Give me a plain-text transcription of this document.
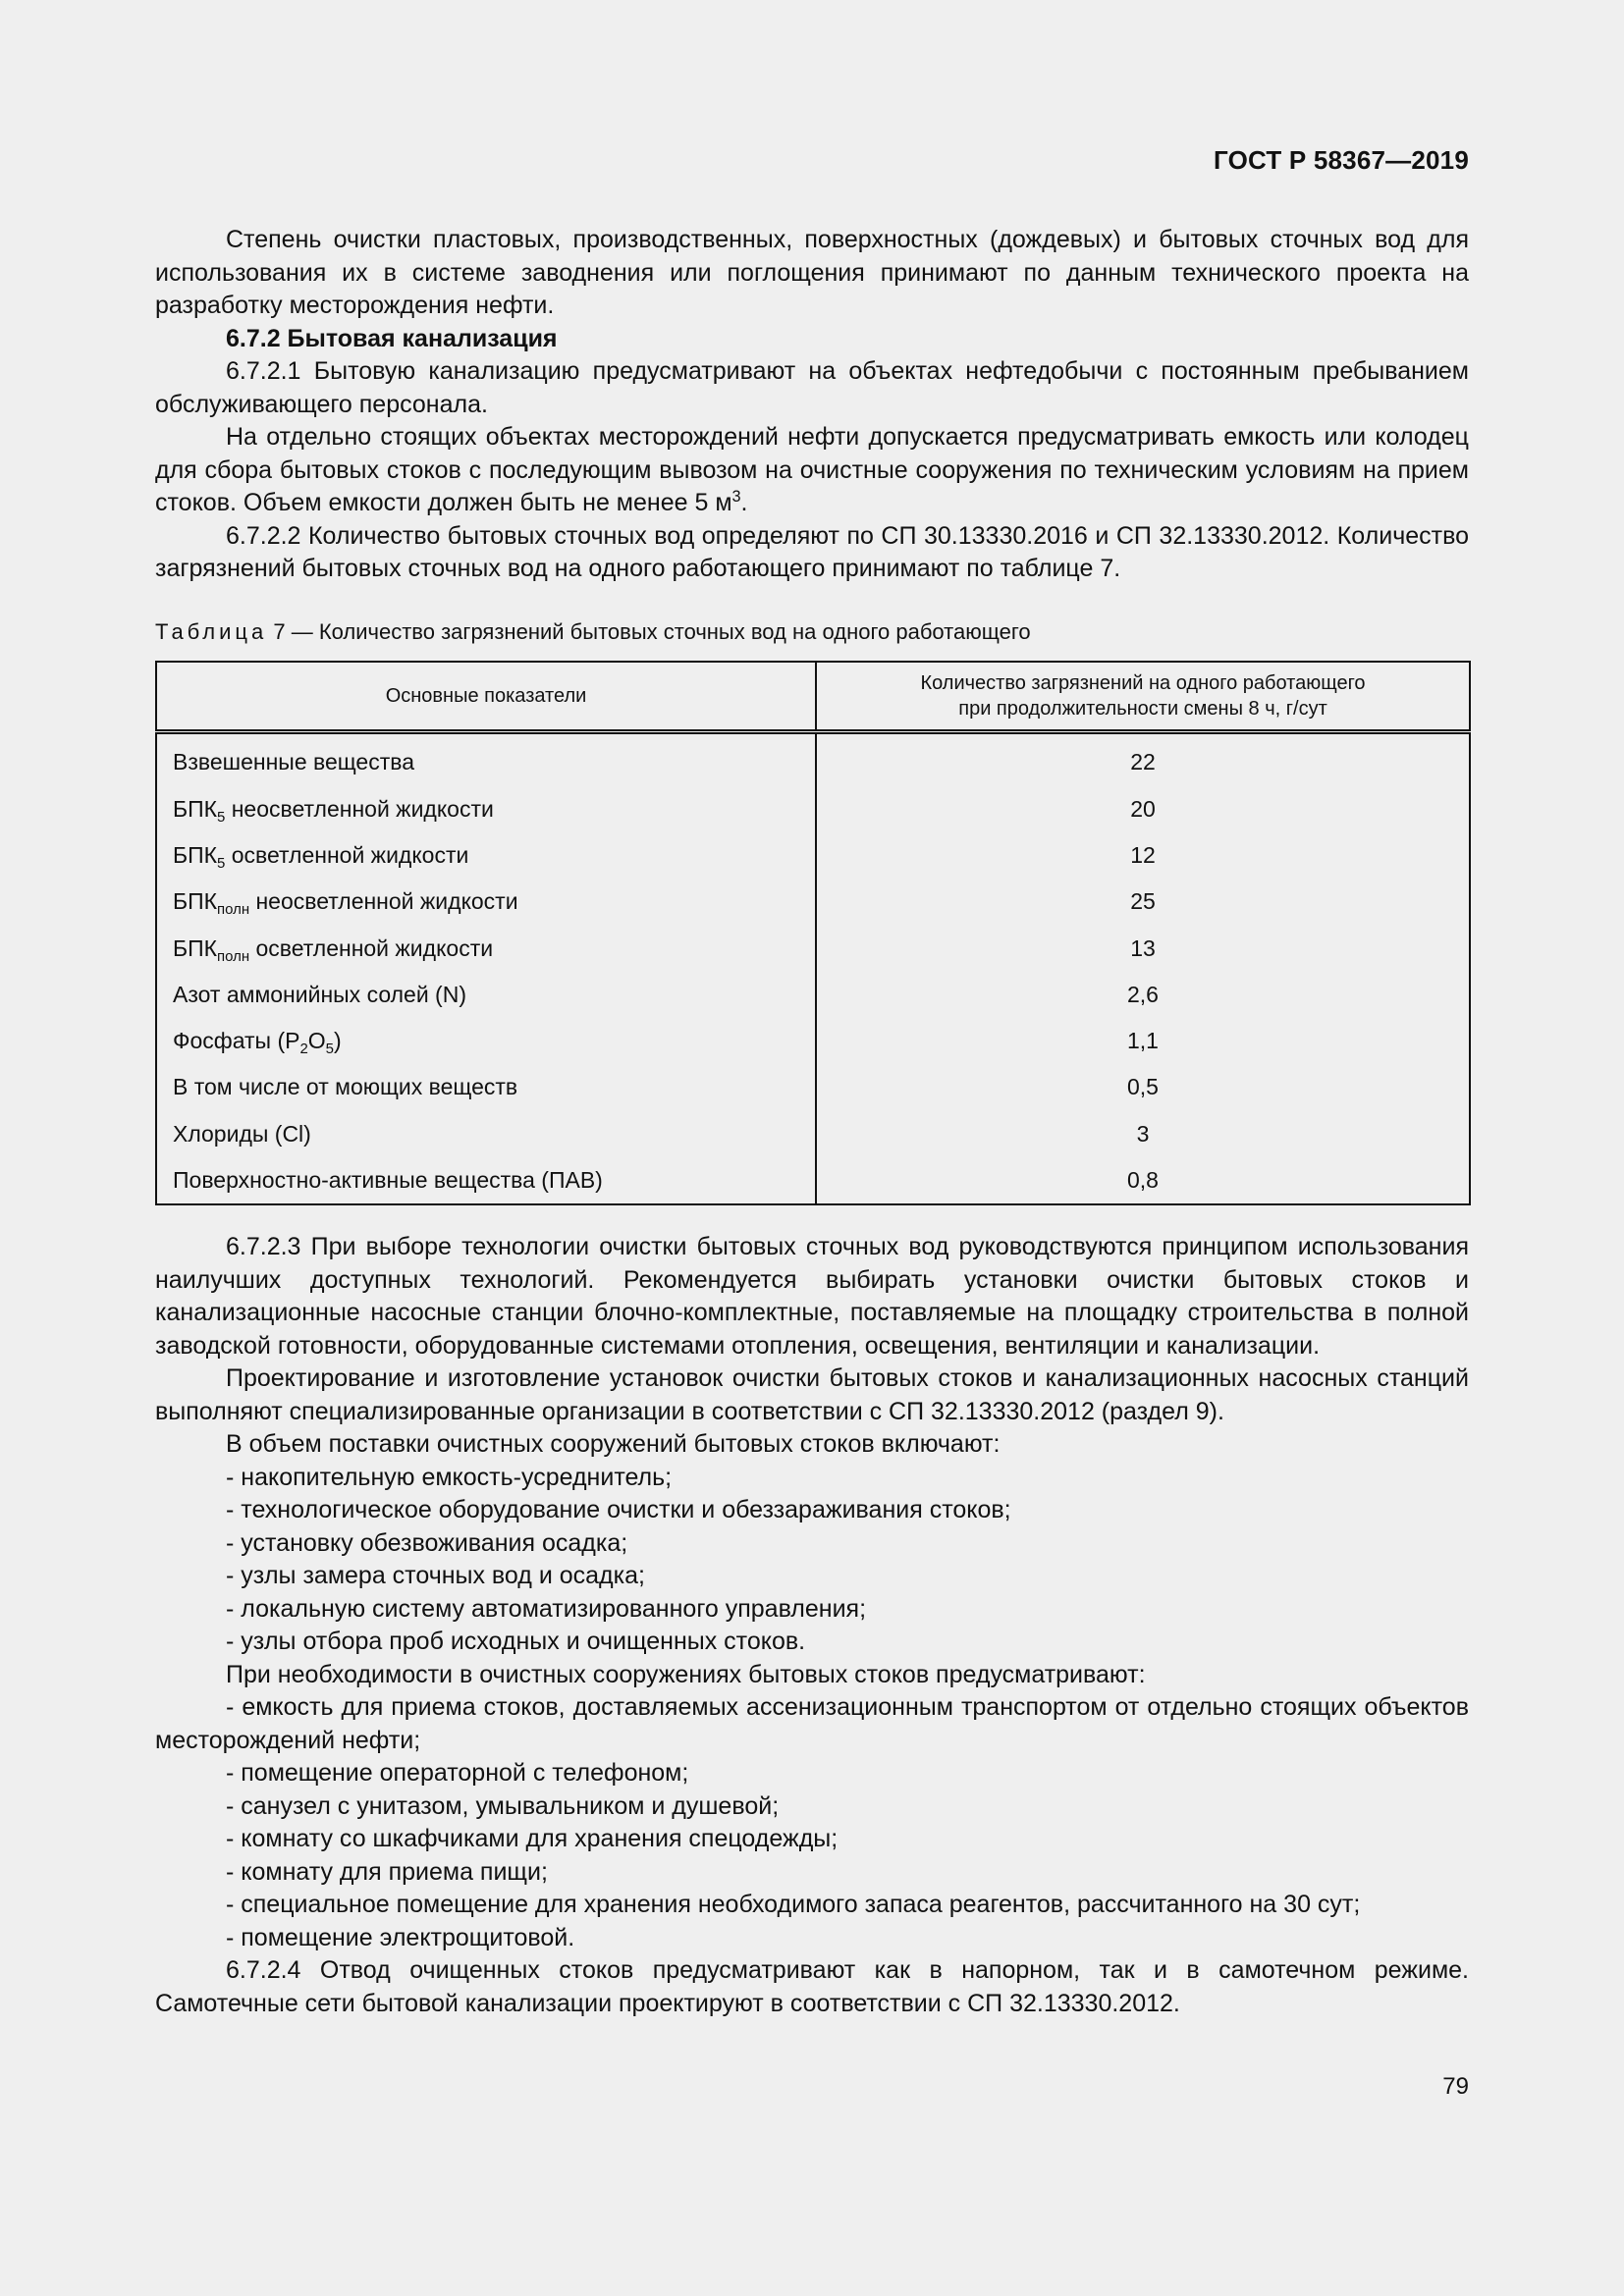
ГОСТ Р 58367—2019

Степень очистки пластовых, производственных, поверхностных (дождевых) и бытовых сточных вод для использования их в системе заводнения или поглощения принимают по данным технического проекта на разработку месторождения нефти.

6.7.2 Бытовая канализация

6.7.2.1 Бытовую канализацию предусматривают на объектах нефтедобычи с постоянным пребыванием обслуживающего персонала.

На отдельно стоящих объектах месторождений нефти допускается предусматривать емкость или колодец для сбора бытовых стоков с последующим вывозом на очистные сооружения по техническим условиям на прием стоков. Объем емкости должен быть не менее 5 $м^3$.

6.7.2.2 Количество бытовых сточных вод определяют по СП 30.13330.2016 и СП 32.13330.2012. Количество загрязнений бытовых сточных вод на одного работающего принимают по таблице 7.

Таблица 7 — Количество загрязнений бытовых сточных вод на одного работающего

Основные показатели	Количество загрязнений на одного работающего
при продолжительности смены 8 ч, г/сут
Взвешенные вещества	22
$БПК_5$ неосветленной жидкости	20
$БПК_5$ осветленной жидкости	12
$БПК_{полн}$ неосветленной жидкости	25
$БПК_{полн}$ осветленной жидкости	13
Азот аммонийных солей (N)	2,6
Фосфаты $(P_2O_5)$	1,1
В том числе от моющих веществ	0,5
Хлориды (Cl)	3
Поверхностно-активные вещества (ПАВ)	0,8

6.7.2.3 При выборе технологии очистки бытовых сточных вод руководствуются принципом использования наилучших доступных технологий. Рекомендуется выбирать установки очистки бытовых стоков и канализационные насосные станции блочно-комплектные, поставляемые на площадку строительства в полной заводской готовности, оборудованные системами отопления, освещения, вентиляции и канализации.

Проектирование и изготовление установок очистки бытовых стоков и канализационных насосных станций выполняют специализированные организации в соответствии с СП 32.13330.2012 (раздел 9).

В объем поставки очистных сооружений бытовых стоков включают:

- накопительную емкость-усреднитель;

- технологическое оборудование очистки и обеззараживания стоков;

- установку обезвоживания осадка;

- узлы замера сточных вод и осадка;

- локальную систему автоматизированного управления;

- узлы отбора проб исходных и очищенных стоков.

При необходимости в очистных сооружениях бытовых стоков предусматривают:

- емкость для приема стоков, доставляемых ассенизационным транспортом от отдельно стоящих объектов месторождений нефти;

- помещение операторной с телефоном;

- санузел с унитазом, умывальником и душевой;

- комнату со шкафчиками для хранения спецодежды;

- комнату для приема пищи;

- специальное помещение для хранения необходимого запаса реагентов, рассчитанного на 30 сут;

- помещение электрощитовой.

6.7.2.4 Отвод очищенных стоков предусматривают как в напорном, так и в самотечном режиме. Самотечные сети бытовой канализации проектируют в соответствии с СП 32.13330.2012.

79
